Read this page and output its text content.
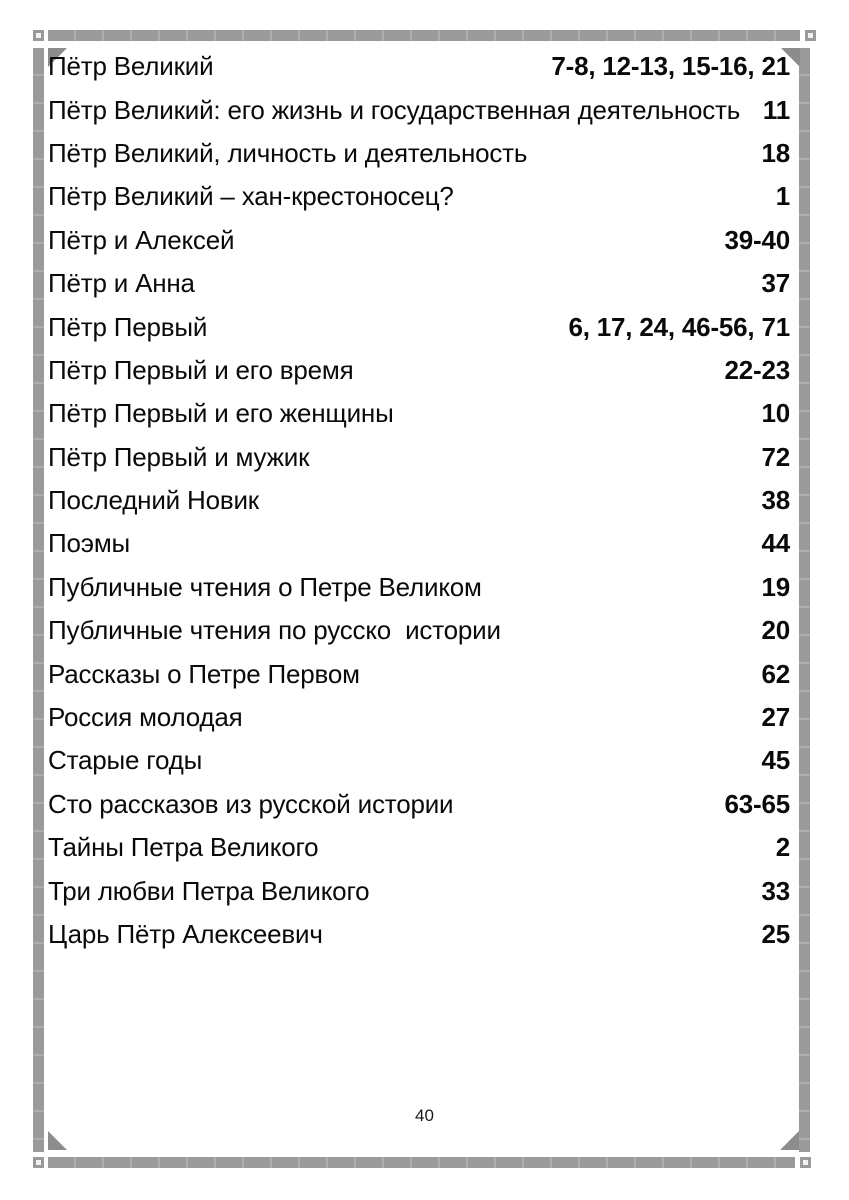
Пётр Великий	7-8, 12-13, 15-16, 21
Пётр Великий: его жизнь и государственная деятельность 11
Пётр Великий, личность и деятельность	18
Пётр Великий – хан-крестоносец?	1
Пётр и Алексей	39-40
Пётр и Анна	37
Пётр Первый	6, 17, 24, 46-56, 71
Пётр Первый и его время	22-23
Пётр Первый и его женщины	10
Пётр Первый и мужик	72
Последний Новик	38
Поэмы	44
Публичные чтения о Петре Великом	19
Публичные чтения по русско  истории	20
Рассказы о Петре Первом	62
Россия молодая	27
Старые годы	45
Сто рассказов из русской истории	63-65
Тайны Петра Великого	2
Три любви Петра Великого	33
Царь Пётр Алексеевич	25
40
